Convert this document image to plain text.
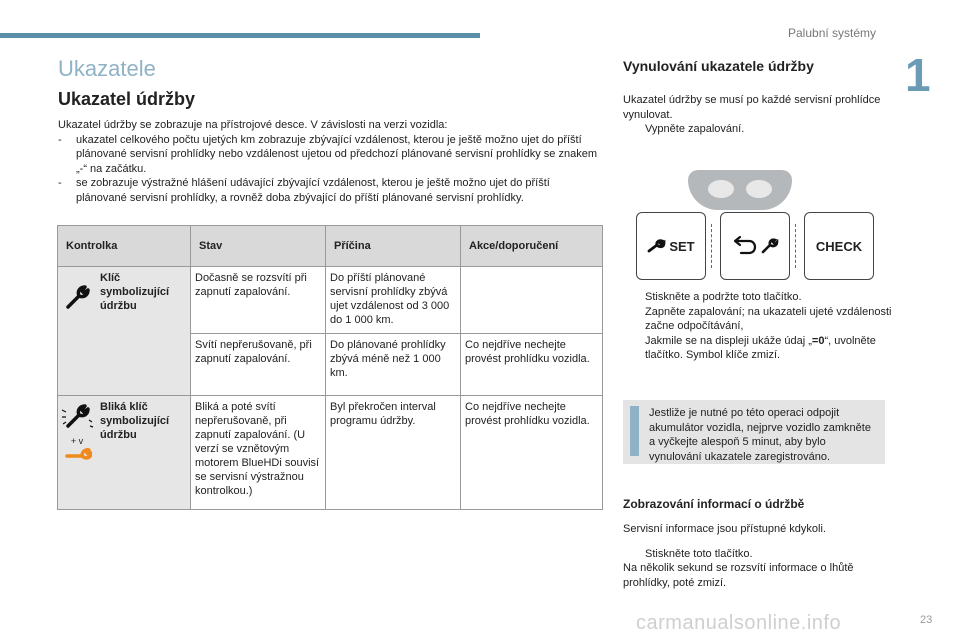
Palubní systémy
1
Ukazatele
Ukazatel údržby

Ukazatel údržby se zobrazuje na přístrojové desce. V závislosti na verzi vozidla:

- ukazatel celkového počtu ujetých km zobrazuje zbývající vzdálenost, kterou je ještě možno ujet do příští plánované servisní prohlídky nebo vzdálenost ujetou od předchozí plánované servisní prohlídky se znakem „-“ na začátku.

- se zobrazuje výstražné hlášení udávající zbývající vzdálenost, kterou je ještě možno ujet do příští plánované servisní prohlídky, a rovněž doba zbývající do příští plánované servisní prohlídky.

Kontrolka		Stav	Příčina	Akce/doporučení
	Klíč symbolizující údržbu	Dočasně se rozsvítí při zapnutí zapalování.	Do příští plánované servisní prohlídky zbývá ujet vzdálenost od 3 000 do 1 000 km.	
		Svítí nepřerušovaně, při zapnutí zapalování.	Do plánované prohlídky zbývá méně než 1 000 km.	Co nejdříve nechejte provést prohlídku vozidla.

+ v	Bliká klíč symbolizující údržbu	Bliká a poté svítí nepřerušovaně, při zapnutí zapalování. (U verzí se vznětovým motorem BlueHDi souvisí se servisní výstražnou kontrolkou.)	Byl překročen interval programu údržby.	Co nejdříve nechejte provést prohlídku vozidla.
Vynulování ukazatele údržby

Ukazatel údržby se musí po každé servisní prohlídce vynulovat.

Vypněte zapalování.

SET	CHECK

Stiskněte a podržte toto tlačítko.

Zapněte zapalování; na ukazateli ujeté vzdálenosti začne odpočítávání,

Jakmile se na displeji ukáže údaj „=0“, uvolněte tlačítko. Symbol klíče zmizí.

Jestliže je nutné po této operaci odpojit akumulátor vozidla, nejprve vozidlo zamkněte a vyčkejte alespoň 5 minut, aby bylo vynulování ukazatele zaregistrováno.
Zobrazování informací o údržbě

Servisní informace jsou přístupné kdykoli.

Stiskněte toto tlačítko.

Na několik sekund se rozsvítí informace o lhůtě prohlídky, poté zmizí.

carmanualsonline.info	23
